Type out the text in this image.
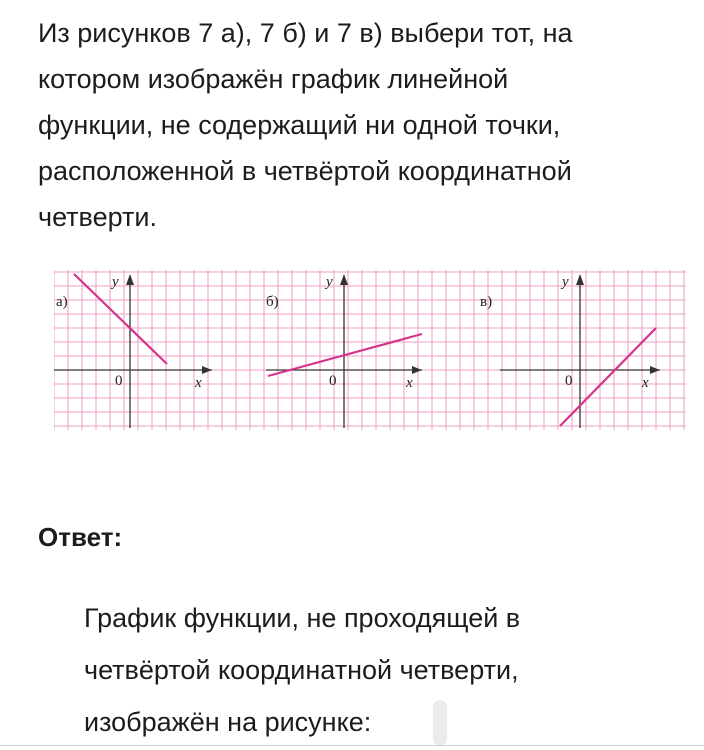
Из рисунков 7 а), 7 б) и 7 в) выбери тот, на
котором изображён график линейной
функции, не содержащий ни одной точки,
расположенной в четвёртой координатной
четверти.
а)
y
x
0
б)
y
x
0
в)
y
x
0
Ответ:
График функции, не проходящей в
четвёртой координатной четверти,
изображён на рисунке:
